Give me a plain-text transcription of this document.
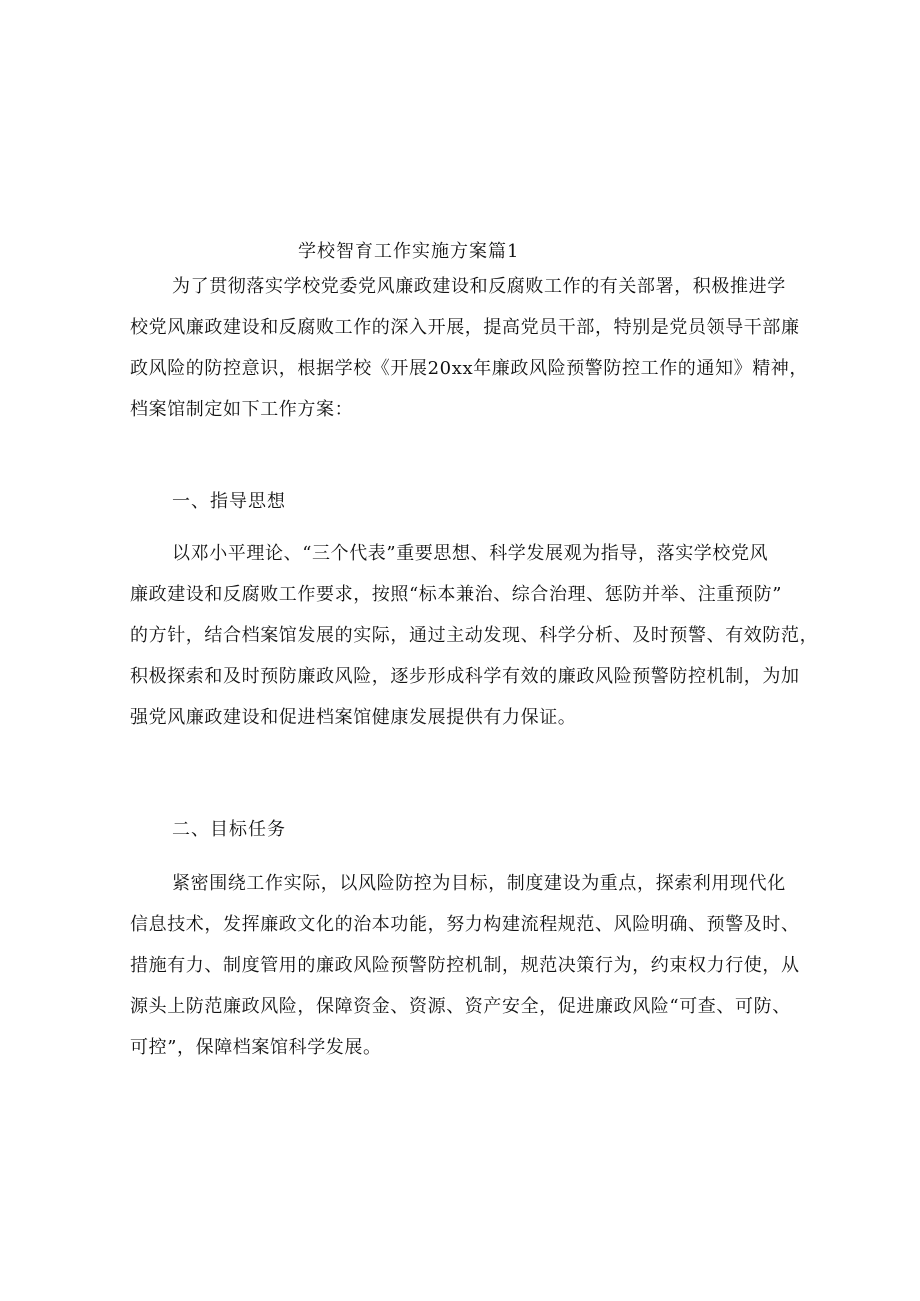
学校智育工作实施方案篇1
为了贯彻落实学校党委党风廉政建设和反腐败工作的有关部署，积极推进学
校党风廉政建设和反腐败工作的深入开展，提高党员干部，特别是党员领导干部廉
政风险的防控意识，根据学校《开展20xx年廉政风险预警防控工作的通知》精神，
档案馆制定如下工作方案：
一、指导思想
以邓小平理论、“三个代表”重要思想、科学发展观为指导，落实学校党风
廉政建设和反腐败工作要求，按照“标本兼治、综合治理、惩防并举、注重预防”
的方针，结合档案馆发展的实际，通过主动发现、科学分析、及时预警、有效防范，
积极探索和及时预防廉政风险，逐步形成科学有效的廉政风险预警防控机制，为加
强党风廉政建设和促进档案馆健康发展提供有力保证。
二、目标任务
紧密围绕工作实际，以风险防控为目标，制度建设为重点，探索利用现代化
信息技术，发挥廉政文化的治本功能，努力构建流程规范、风险明确、预警及时、
措施有力、制度管用的廉政风险预警防控机制，规范决策行为，约束权力行使，从
源头上防范廉政风险，保障资金、资源、资产安全，促进廉政风险“可查、可防、
可控”，保障档案馆科学发展。
